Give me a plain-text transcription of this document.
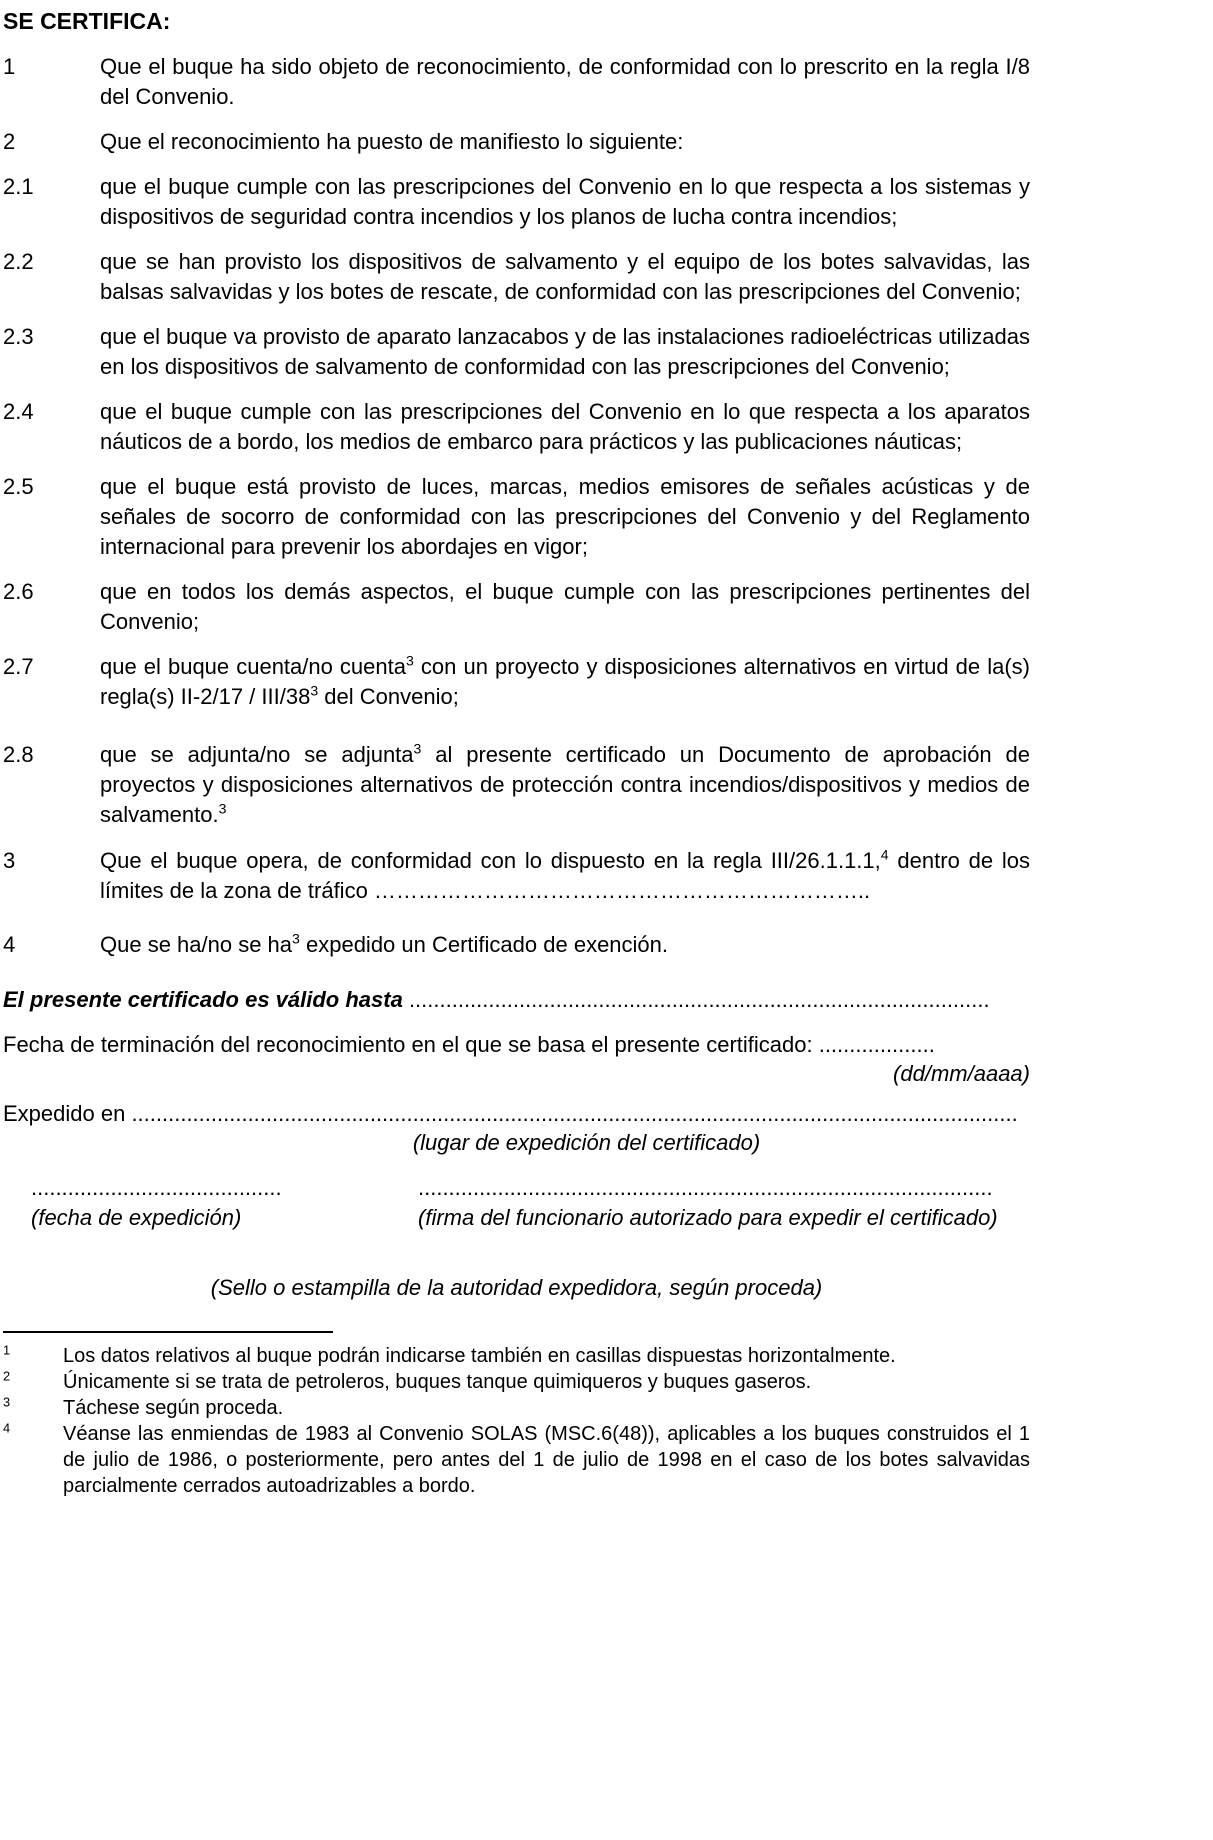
SE CERTIFICA:
1	Que el buque ha sido objeto de reconocimiento, de conformidad con lo prescrito en la regla I/8 del Convenio.
2	Que el reconocimiento ha puesto de manifiesto lo siguiente:
2.1	que el buque cumple con las prescripciones del Convenio en lo que respecta a los sistemas y dispositivos de seguridad contra incendios y los planos de lucha contra incendios;
2.2	que se han provisto los dispositivos de salvamento y el equipo de los botes salvavidas, las balsas salvavidas y los botes de rescate, de conformidad con las prescripciones del Convenio;
2.3	que el buque va provisto de aparato lanzacabos y de las instalaciones radioeléctricas utilizadas en los dispositivos de salvamento de conformidad con las prescripciones del Convenio;
2.4	que el buque cumple con las prescripciones del Convenio en lo que respecta a los aparatos náuticos de a bordo, los medios de embarco para prácticos y las publicaciones náuticas;
2.5	que el buque está provisto de luces, marcas, medios emisores de señales acústicas y de señales de socorro de conformidad con las prescripciones del Convenio y del Reglamento internacional para prevenir los abordajes en vigor;
2.6	que en todos los demás aspectos, el buque cumple con las prescripciones pertinentes del Convenio;
2.7	que el buque cuenta/no cuenta$^3$ con un proyecto y disposiciones alternativos en virtud de la(s) regla(s) II-2/17 / III/$38^3$ del Convenio;
2.8	que se adjunta/no se adjunta$^3$ al presente certificado un Documento de aprobación de proyectos y disposiciones alternativos de protección contra incendios/dispositivos y medios de salvamento.$^3$
3	Que el buque opera, de conformidad con lo dispuesto en la regla III/26.1.1.1,$^4$ dentro de los límites de la zona de tráfico …………………………………………………………..
4	Que se ha/no se $ha^3$ expedido un Certificado de exención.

El presente certificado es válido hasta ...............................................................................................

Fecha de terminación del reconocimiento en el que se basa el presente certificado: ...................

(dd/mm/aaaa)

Expedido en .................................................................................................................................................

(lugar de expedición del certificado)

.........................................
(fecha de expedición)
..............................................................................................
(firma del funcionario autorizado para expedir el certificado)

(Sello o estampilla de la autoridad expedidora, según proceda)

$^1$	Los datos relativos al buque podrán indicarse también en casillas dispuestas horizontalmente.
$^2$	Únicamente si se trata de petroleros, buques tanque quimiqueros y buques gaseros.
$^3$	Táchese según proceda.
$^4$	Véanse las enmiendas de 1983 al Convenio SOLAS (MSC.6(48)), aplicables a los buques construidos el 1 de julio de 1986, o posteriormente, pero antes del 1 de julio de 1998 en el caso de los botes salvavidas parcialmente cerrados autoadrizables a bordo.
